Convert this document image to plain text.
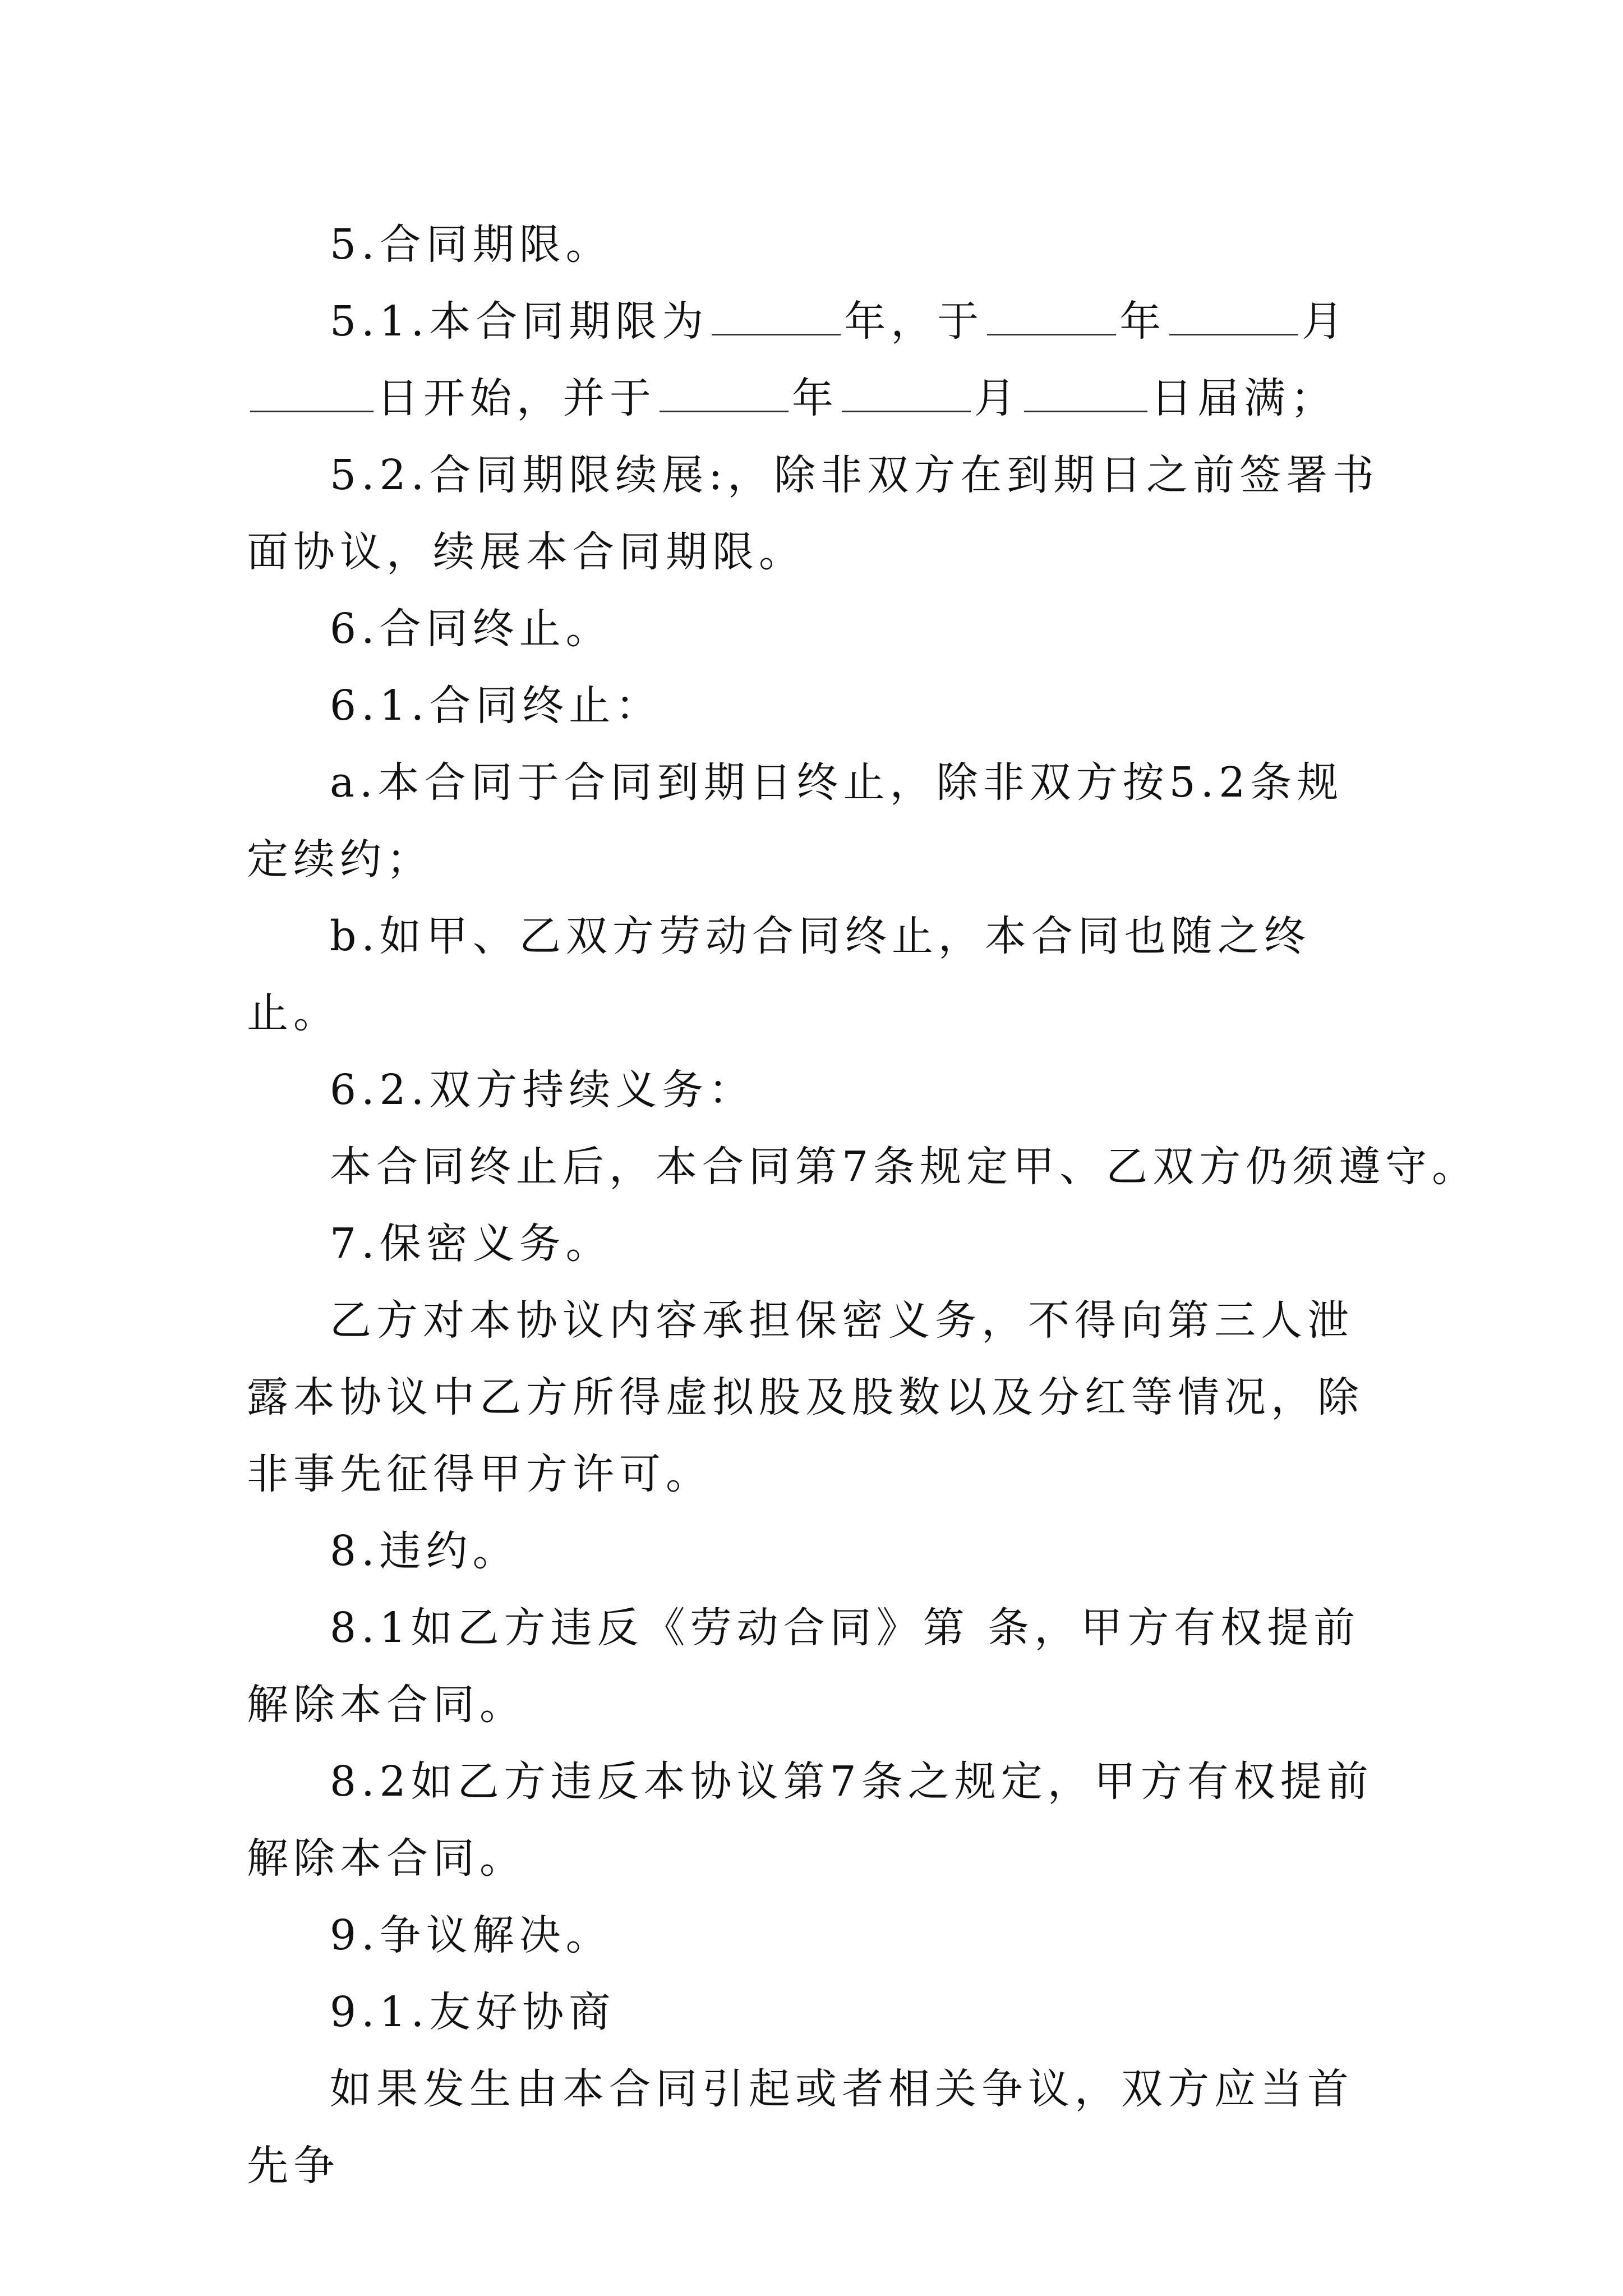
5.合同期限。

5.1.本合同期限为	年，于	年	月日开始，并于	年	月	日届满；

5.2.合同期限续展:，除非双方在到期日之前签署书面协议，续展本合同期限。

6.合同终止。

6.1.合同终止：

a.本合同于合同到期日终止，除非双方按5.2条规定续约；

b.如甲、乙双方劳动合同终止，本合同也随之终止。

6.2.双方持续义务：

本合同终止后，本合同第7条规定甲、乙双方仍须遵守。

7.保密义务。

乙方对本协议内容承担保密义务，不得向第三人泄露本协议中乙方所得虚拟股及股数以及分红等情况，除非事先征得甲方许可。

8.违约。

8.1如乙方违反《劳动合同》第 条，甲方有权提前解除本合同。

8.2如乙方违反本协议第7条之规定，甲方有权提前解除本合同。

9.争议解决。

9.1.友好协商

如果发生由本合同引起或者相关争议，双方应当首先争
